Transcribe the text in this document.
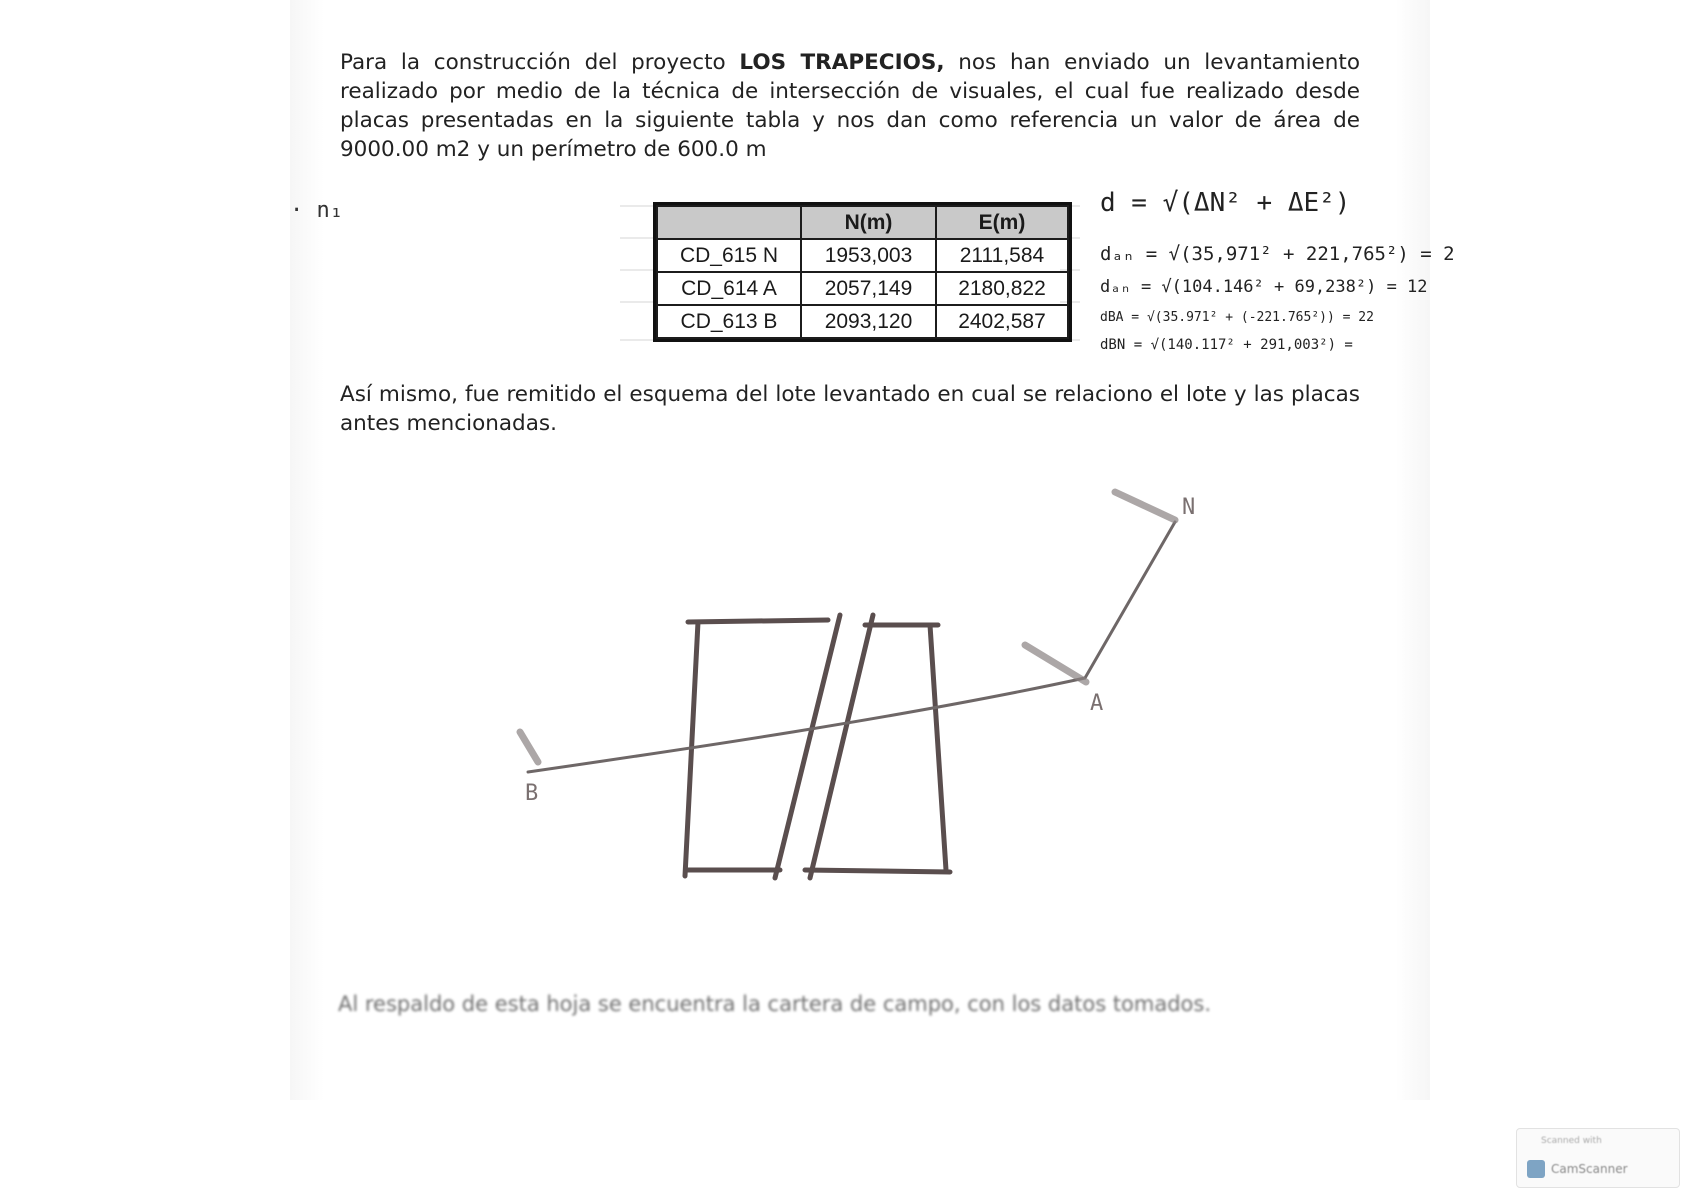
Para la construcción del proyecto LOS TRAPECIOS, nos han enviado un levantamiento realizado por medio de la técnica de intersección de visuales, el cual fue realizado desde placas presentadas en la siguiente tabla y nos dan como referencia un valor de área de 9000.00 m2 y un perímetro de 600.0 m

· n₁
		N(m)	E(m)
CD_615 N	1953,003	2111,584
CD_614 A	2057,149	2180,822
CD_613 B	2093,120	2402,587
d = √(ΔN² + ΔE²)
dₐₙ = √(35,971² + 221,765²) = 2
dₐₙ = √(104.146² + 69,238²) = 12
dBA = √(35.971² + (-221.765²)) = 22
dBN = √(140.117² + 291,003²) =

Así mismo, fue remitido el esquema del lote levantado en cual se relaciono el lote y las placas antes mencionadas.

N
A
B
Al respaldo de esta hoja se encuentra la cartera de campo, con los datos tomados.
Scanned with
CamScanner
